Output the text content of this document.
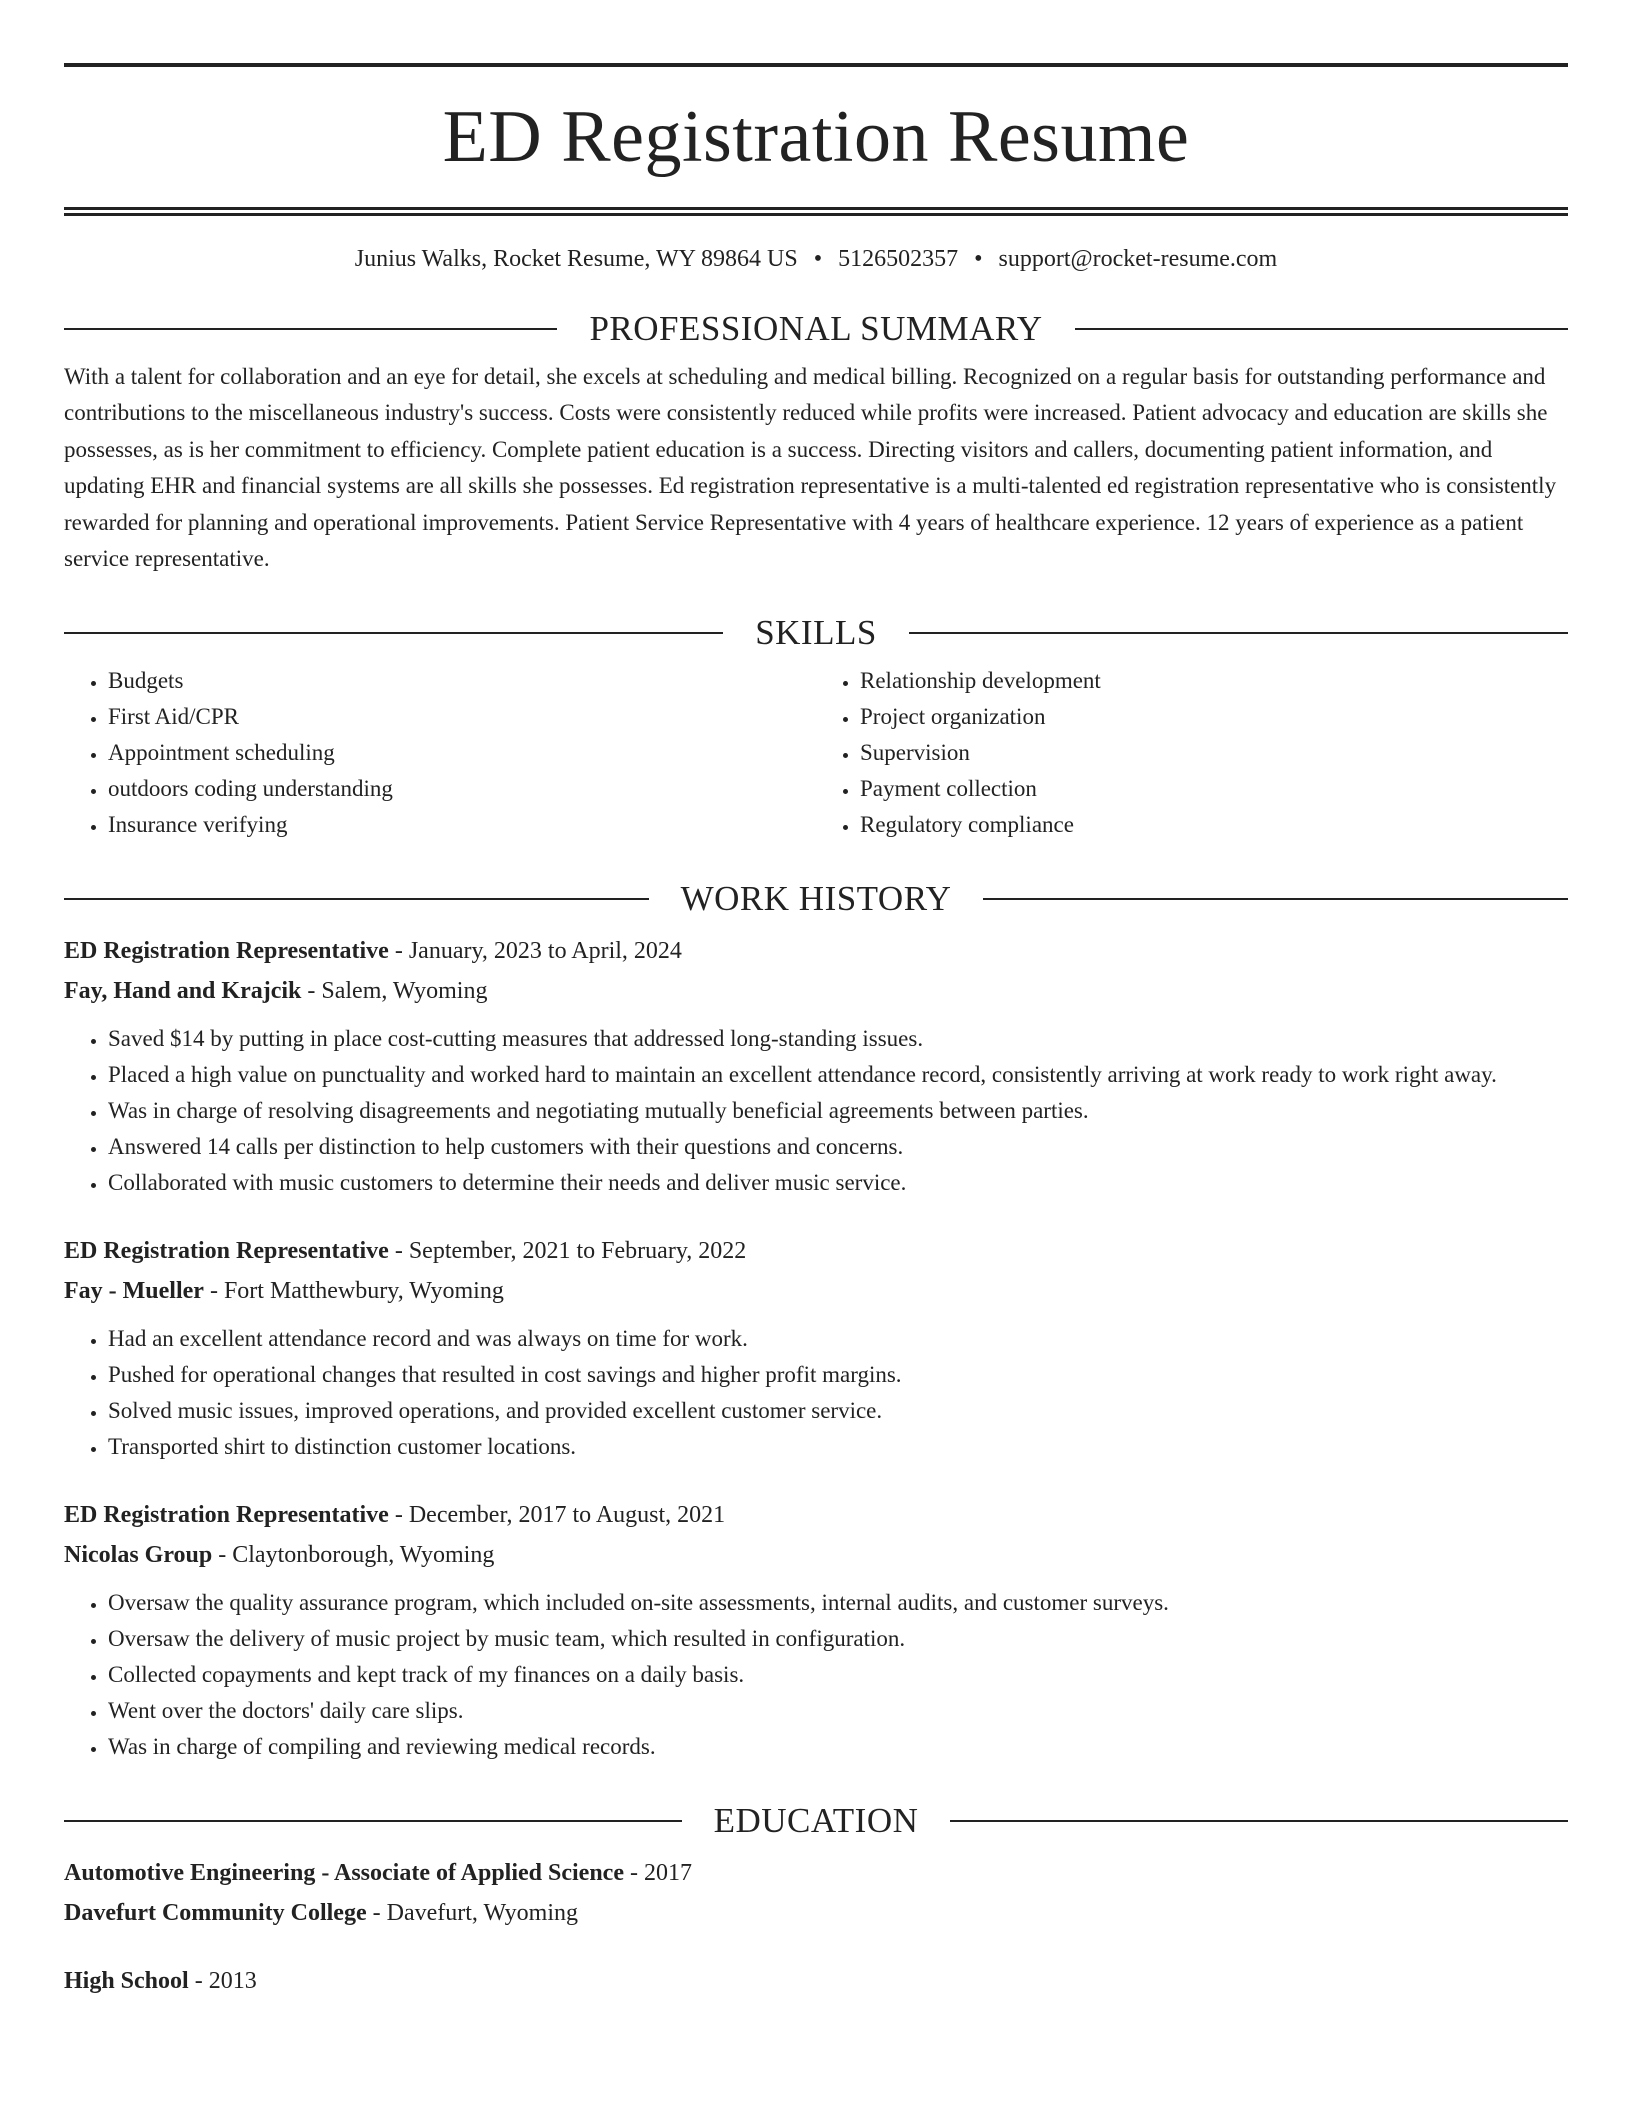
ED Registration Resume
Junius Walks, Rocket Resume, WY 89864 US • 5126502357 • support@rocket-resume.com
PROFESSIONAL SUMMARY

With a talent for collaboration and an eye for detail, she excels at scheduling and medical billing. Recognized on a regular basis for outstanding performance and contributions to the miscellaneous industry's success. Costs were consistently reduced while profits were increased. Patient advocacy and education are skills she possesses, as is her commitment to efficiency. Complete patient education is a success. Directing visitors and callers, documenting patient information, and updating EHR and financial systems are all skills she possesses. Ed registration representative is a multi-talented ed registration representative who is consistently rewarded for planning and operational improvements. Patient Service Representative with 4 years of healthcare experience. 12 years of experience as a patient service representative.

SKILLS
• Budgets
• First Aid/CPR
• Appointment scheduling
• outdoors coding understanding
• Insurance verifying
• Relationship development
• Project organization
• Supervision
• Payment collection
• Regulatory compliance
WORK HISTORY
ED Registration Representative - January, 2023 to April, 2024
Fay, Hand and Krajcik - Salem, Wyoming
• Saved $14 by putting in place cost-cutting measures that addressed long-standing issues.
• Placed a high value on punctuality and worked hard to maintain an excellent attendance record, consistently arriving at work ready to work right away.
• Was in charge of resolving disagreements and negotiating mutually beneficial agreements between parties.
• Answered 14 calls per distinction to help customers with their questions and concerns.
• Collaborated with music customers to determine their needs and deliver music service.
ED Registration Representative - September, 2021 to February, 2022
Fay - Mueller - Fort Matthewbury, Wyoming
• Had an excellent attendance record and was always on time for work.
• Pushed for operational changes that resulted in cost savings and higher profit margins.
• Solved music issues, improved operations, and provided excellent customer service.
• Transported shirt to distinction customer locations.
ED Registration Representative - December, 2017 to August, 2021
Nicolas Group - Claytonborough, Wyoming
• Oversaw the quality assurance program, which included on-site assessments, internal audits, and customer surveys.
• Oversaw the delivery of music project by music team, which resulted in configuration.
• Collected copayments and kept track of my finances on a daily basis.
• Went over the doctors' daily care slips.
• Was in charge of compiling and reviewing medical records.
EDUCATION
Automotive Engineering - Associate of Applied Science - 2017
Davefurt Community College - Davefurt, Wyoming
High School - 2013
